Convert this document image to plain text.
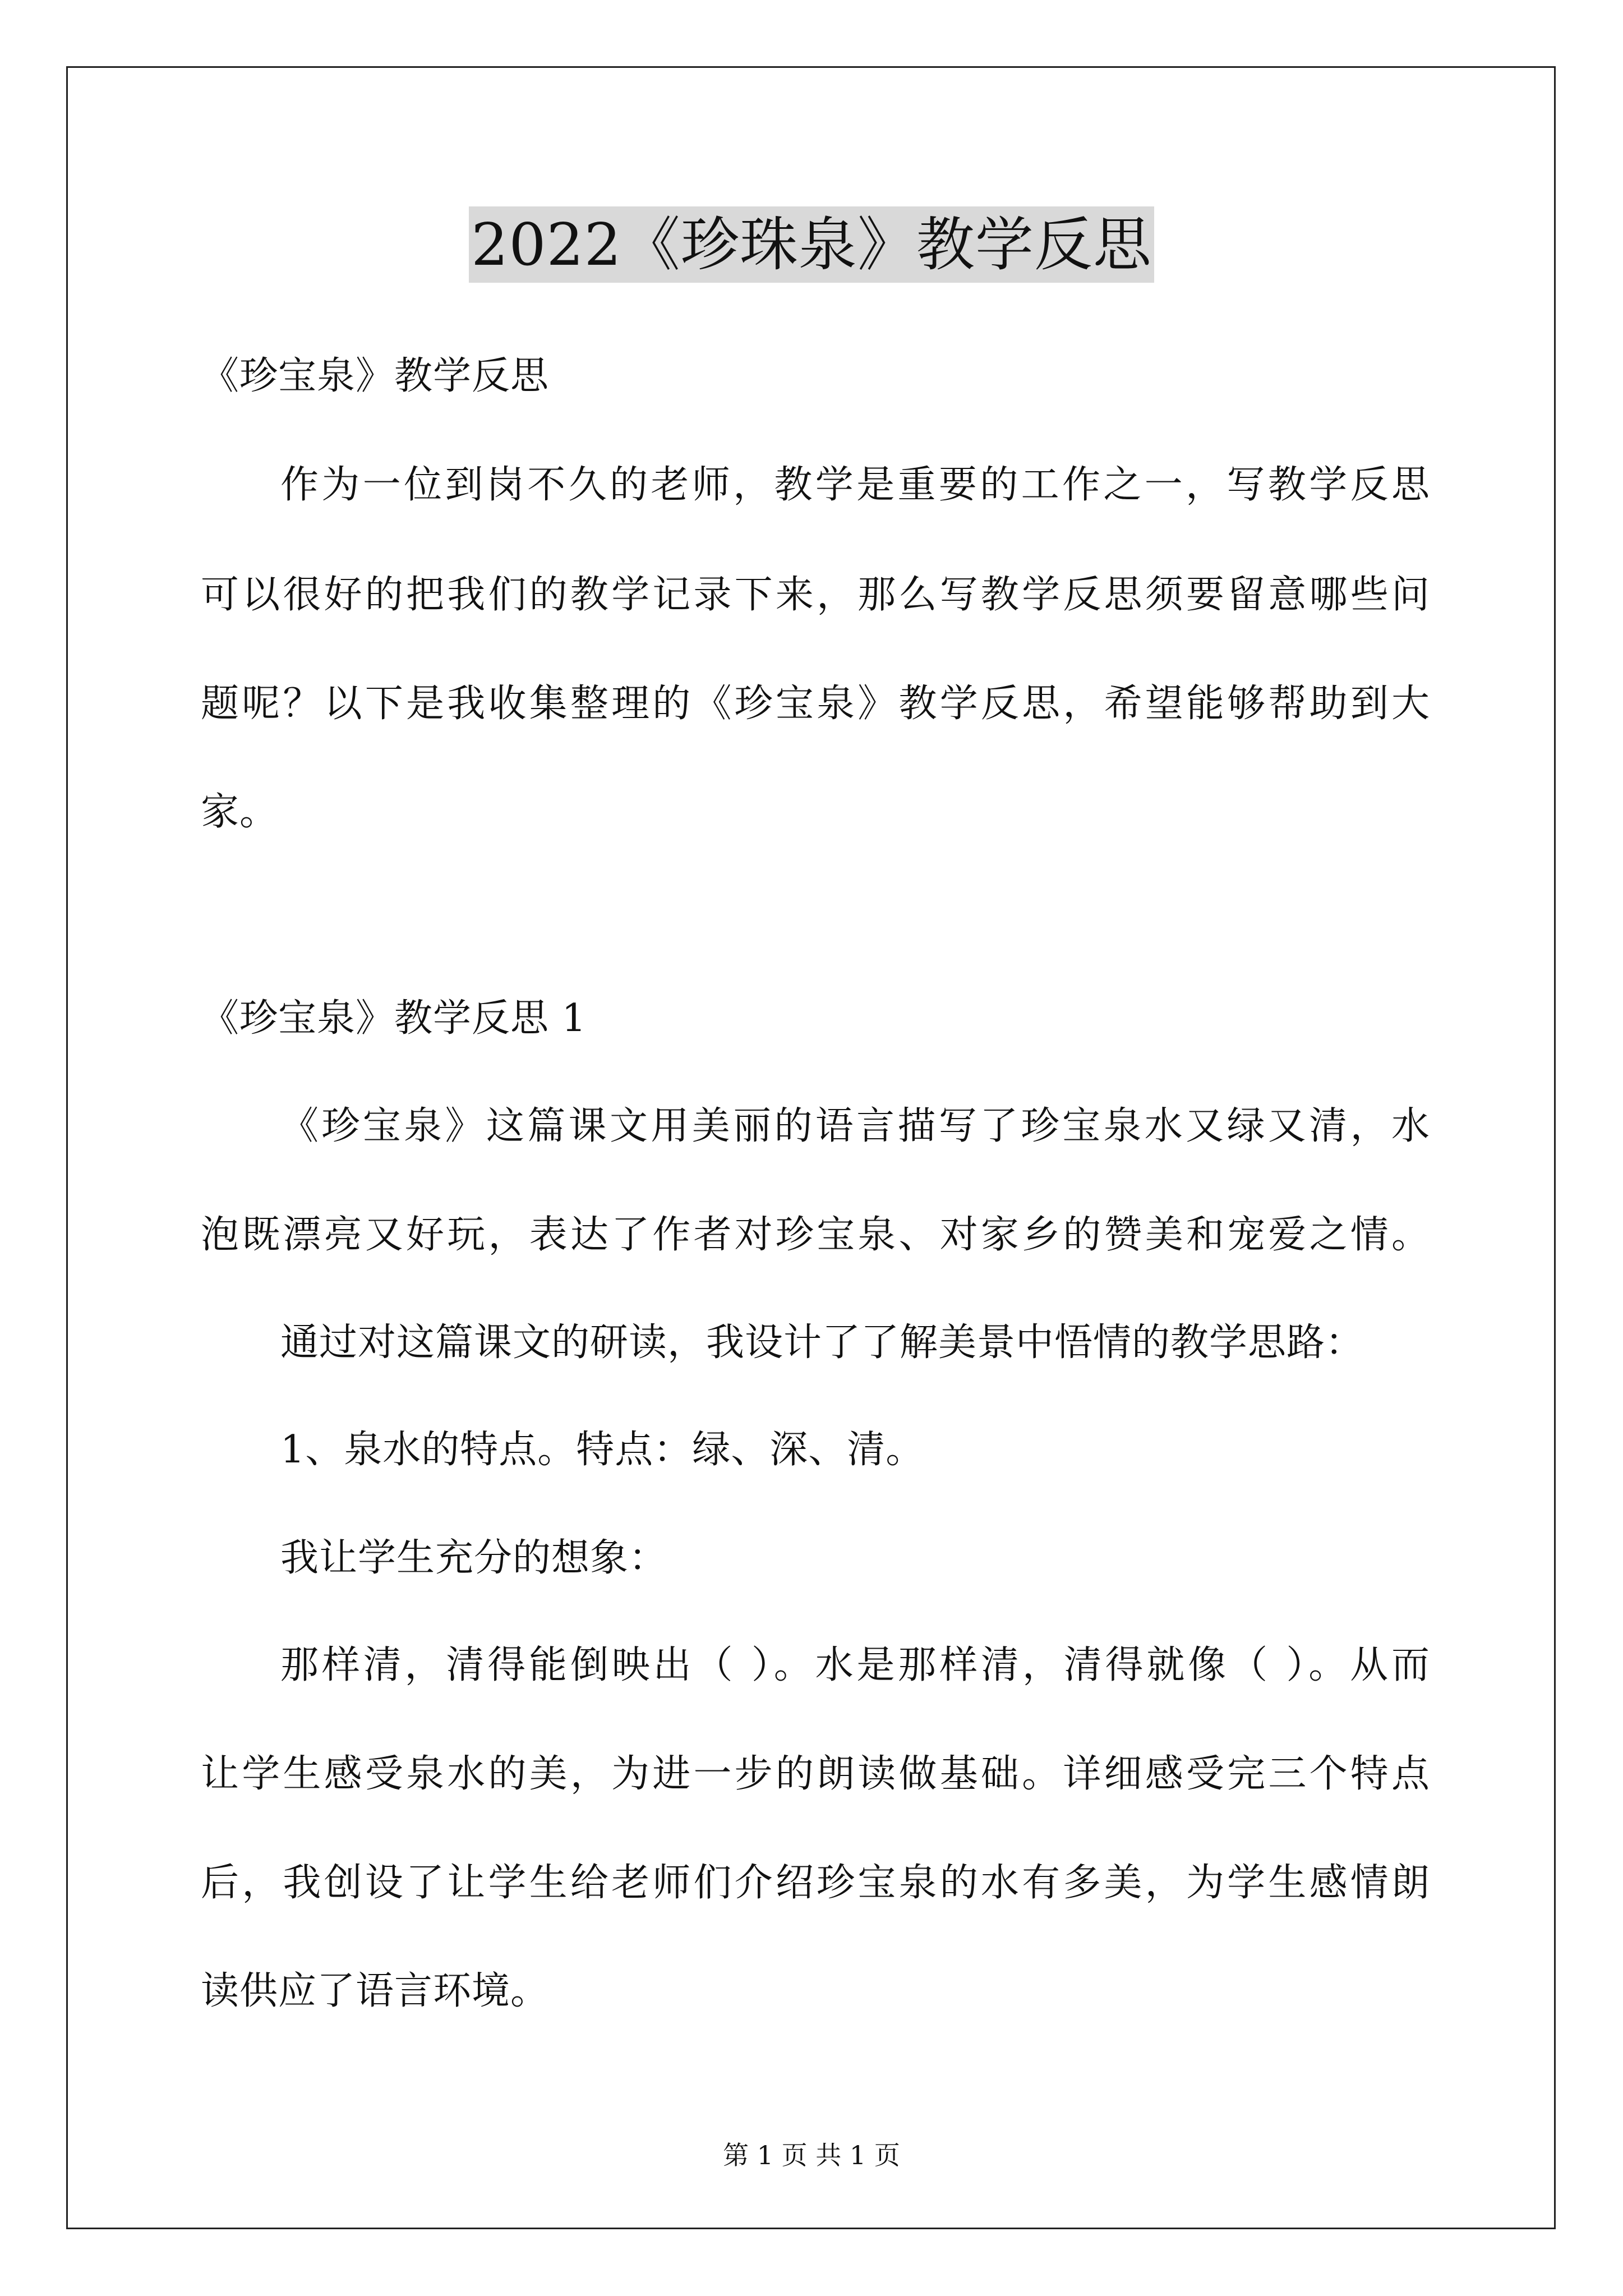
2022《珍珠泉》教学反思
《珍宝泉》教学反思
作为一位到岗不久的老师，教学是重要的工作之一，写教学反思
可以很好的把我们的教学记录下来，那么写教学反思须要留意哪些问
题呢？以下是我收集整理的《珍宝泉》教学反思，希望能够帮助到大
家。
《珍宝泉》教学反思 1
《珍宝泉》这篇课文用美丽的语言描写了珍宝泉水又绿又清，水
泡既漂亮又好玩，表达了作者对珍宝泉、对家乡的赞美和宠爱之情。
通过对这篇课文的研读，我设计了了解美景中悟情的教学思路：
1、泉水的特点。特点：绿、深、清。
我让学生充分的想象：
那样清，清得能倒映出（ ）。水是那样清，清得就像（ ）。从而
让学生感受泉水的美，为进一步的朗读做基础。详细感受完三个特点
后，我创设了让学生给老师们介绍珍宝泉的水有多美，为学生感情朗
读供应了语言环境。
第 1 页 共 1 页
